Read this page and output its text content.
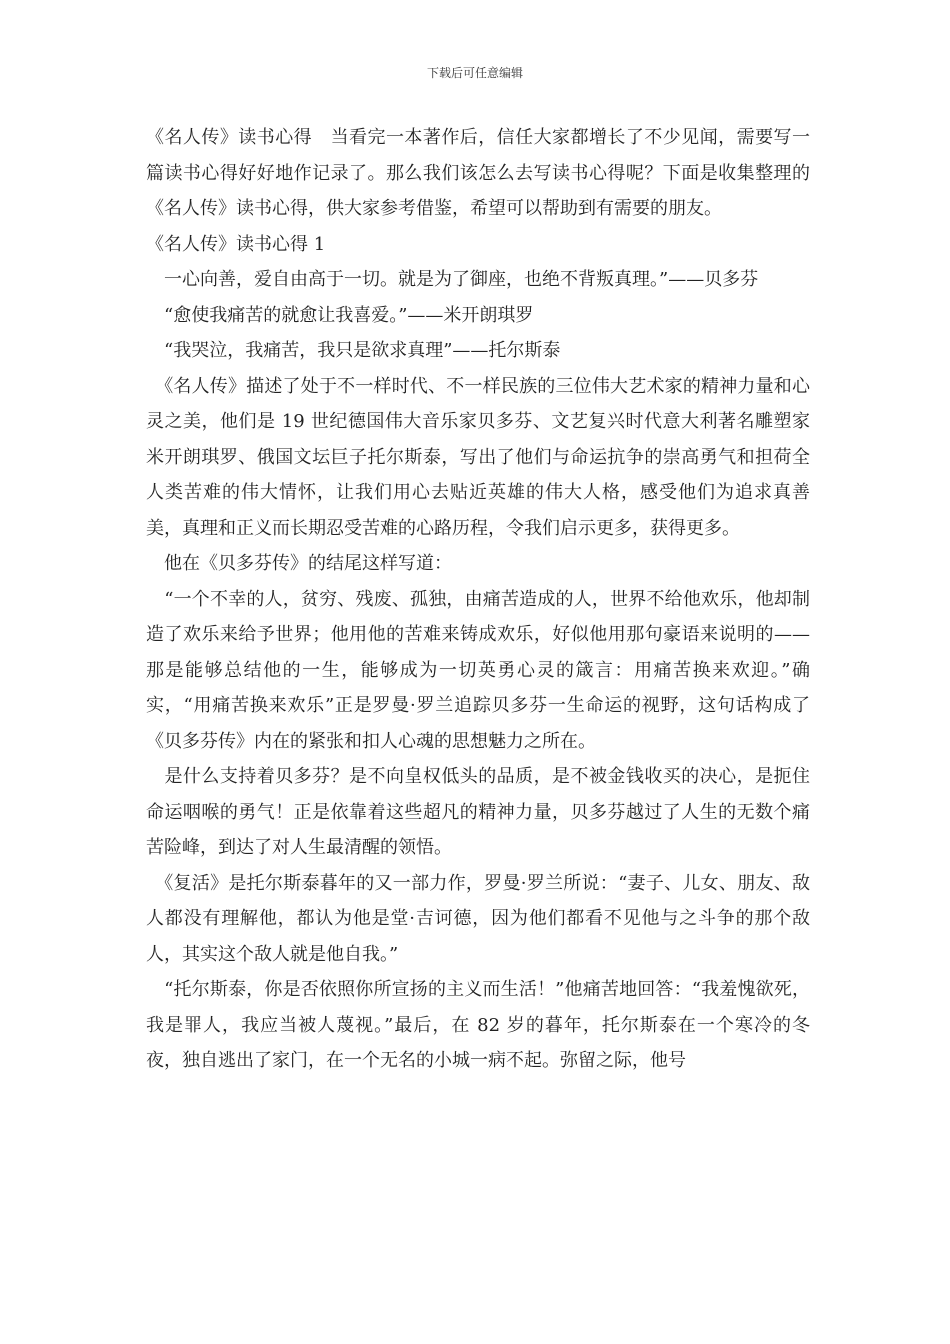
下载后可任意编辑

《名人传》读书心得　当看完一本著作后，信任大家都增长了不少见闻，需要写一篇读书心得好好地作记录了。那么我们该怎么去写读书心得呢？下面是收集整理的《名人传》读书心得，供大家参考借鉴，希望可以帮助到有需要的朋友。

《名人传》读书心得 1

　一心向善，爱自由高于一切。就是为了御座，也绝不背叛真理。”——贝多芬

　“愈使我痛苦的就愈让我喜爱。”——米开朗琪罗

　“我哭泣，我痛苦，我只是欲求真理”——托尔斯泰

　《名人传》描述了处于不一样时代、不一样民族的三位伟大艺术家的精神力量和心灵之美，他们是 19 世纪德国伟大音乐家贝多芬、文艺复兴时代意大利著名雕塑家米开朗琪罗、俄国文坛巨子托尔斯泰，写出了他们与命运抗争的崇高勇气和担荷全人类苦难的伟大情怀，让我们用心去贴近英雄的伟大人格，感受他们为追求真善美，真理和正义而长期忍受苦难的心路历程，令我们启示更多，获得更多。

　他在《贝多芬传》的结尾这样写道：

　“一个不幸的人，贫穷、残废、孤独，由痛苦造成的人，世界不给他欢乐，他却制造了欢乐来给予世界；他用他的苦难来铸成欢乐，好似他用那句豪语来说明的——那是能够总结他的一生，能够成为一切英勇心灵的箴言：用痛苦换来欢迎。”确实，“用痛苦换来欢乐”正是罗曼·罗兰追踪贝多芬一生命运的视野，这句话构成了《贝多芬传》内在的紧张和扣人心魂的思想魅力之所在。

　是什么支持着贝多芬？是不向皇权低头的品质，是不被金钱收买的决心，是扼住命运咽喉的勇气！正是依靠着这些超凡的精神力量，贝多芬越过了人生的无数个痛苦险峰，到达了对人生最清醒的领悟。

　《复活》是托尔斯泰暮年的又一部力作，罗曼·罗兰所说：“妻子、儿女、朋友、敌人都没有理解他，都认为他是堂·吉诃德，因为他们都看不见他与之斗争的那个敌人，其实这个敌人就是他自我。”

　“托尔斯泰，你是否依照你所宣扬的主义而生活！”他痛苦地回答：“我羞愧欲死，我是罪人，我应当被人蔑视。”最后，在 82 岁的暮年，托尔斯泰在一个寒冷的冬夜，独自逃出了家门，在一个无名的小城一病不起。弥留之际，他号
